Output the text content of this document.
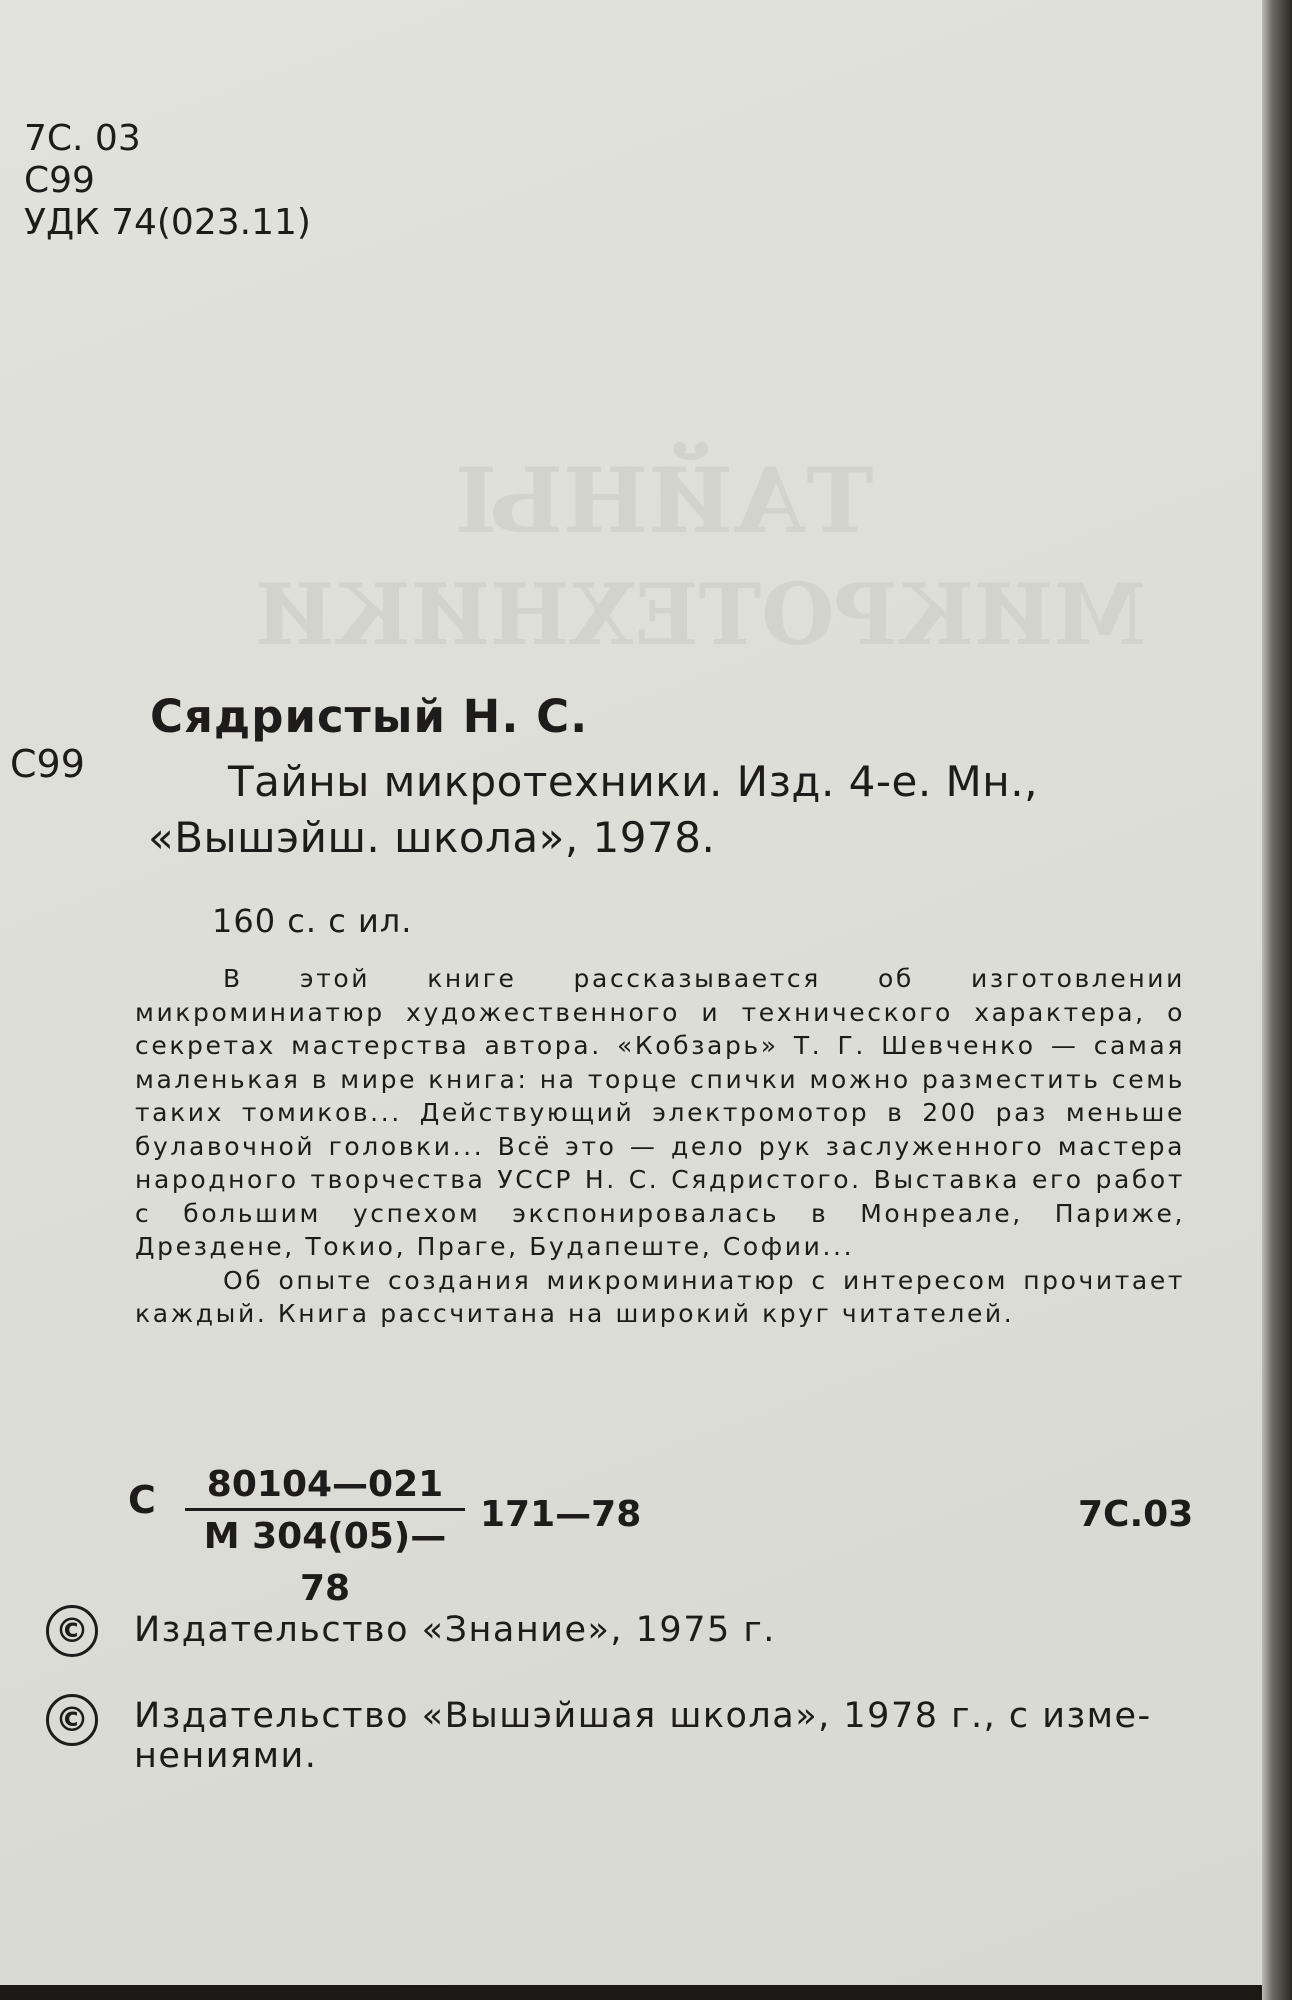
ТАЙНЫ
МИКРОТЕХНИКИ
7С. 03
С99
УДК 74(023.11)
Сядристый Н. С.
С99	Тайны микротехники. Изд. 4-е. Мн.,
«Вышэйш. школа», 1978.
160 с. с ил.

В этой книге рассказывается об изготовлении микроминиатюр художественного и технического характера, о секретах мастерства автора. «Кобзарь» Т. Г. Шевченко — самая маленькая в мире книга: на торце спички можно разместить семь таких томиков... Действующий электромотор в 200 раз меньше булавочной головки... Всё это — дело рук заслуженного мастера народного творчества УССР Н. С. Сядристого. Выставка его работ с большим успехом экспонировалась в Монреале, Париже, Дрездене, Токио, Праге, Будапеште, Софии...

Об опыте создания микроминиатюр с интересом прочитает каждый. Книга рассчитана на широкий круг читателей.

С	80104—021
М 304(05)—78
171—78	7С.03
© Издательство «Знание», 1975 г.
© Издательство «Вышэйшая школа», 1978 г., с изме-
нениями.
